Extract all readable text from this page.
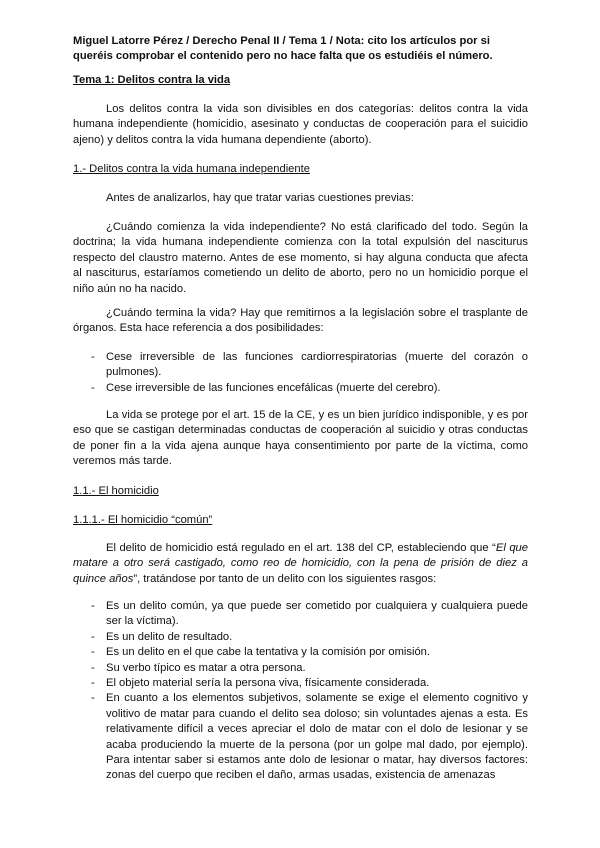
Miguel Latorre Pérez / Derecho Penal II / Tema 1 / Nota: cito los artículos por si queréis comprobar el contenido pero no hace falta que os estudiéis el número.

Tema 1: Delitos contra la vida

Los delitos contra la vida son divisibles en dos categorías: delitos contra la vida humana independiente (homicidio, asesinato y conductas de cooperación para el suicidio ajeno) y delitos contra la vida humana dependiente (aborto).

1.- Delitos contra la vida humana independiente

Antes de analizarlos, hay que tratar varias cuestiones previas:

¿Cuándo comienza la vida independiente? No está clarificado del todo. Según la doctrina; la vida humana independiente comienza con la total expulsión del nasciturus respecto del claustro materno. Antes de ese momento, si hay alguna conducta que afecta al nasciturus, estaríamos cometiendo un delito de aborto, pero no un homicidio porque el niño aún no ha nacido.

¿Cuándo termina la vida? Hay que remitirnos a la legislación sobre el trasplante de órganos. Esta hace referencia a dos posibilidades:

- Cese irreversible de las funciones cardiorrespiratorias (muerte del corazón o pulmones).
- Cese irreversible de las funciones encefálicas (muerte del cerebro).

La vida se protege por el art. 15 de la CE, y es un bien jurídico indisponible, y es por eso que se castigan determinadas conductas de cooperación al suicidio y otras conductas de poner fin a la vida ajena aunque haya consentimiento por parte de la víctima, como veremos más tarde.

1.1.- El homicidio

1.1.1.- El homicidio “común”

El delito de homicidio está regulado en el art. 138 del CP, estableciendo que “El que matare a otro será castigado, como reo de homicidio, con la pena de prisión de diez a quince años”, tratándose por tanto de un delito con los siguientes rasgos:

- Es un delito común, ya que puede ser cometido por cualquiera y cualquiera puede ser la víctima).
- Es un delito de resultado.
- Es un delito en el que cabe la tentativa y la comisión por omisión.
- Su verbo típico es matar a otra persona.
- El objeto material sería la persona viva, físicamente considerada.
- En cuanto a los elementos subjetivos, solamente se exige el elemento cognitivo y volitivo de matar para cuando el delito sea doloso; sin voluntades ajenas a esta. Es relativamente difícil a veces apreciar el dolo de matar con el dolo de lesionar y se acaba produciendo la muerte de la persona (por un golpe mal dado, por ejemplo). Para intentar saber si estamos ante dolo de lesionar o matar, hay diversos factores: zonas del cuerpo que reciben el daño, armas usadas, existencia de amenazas
